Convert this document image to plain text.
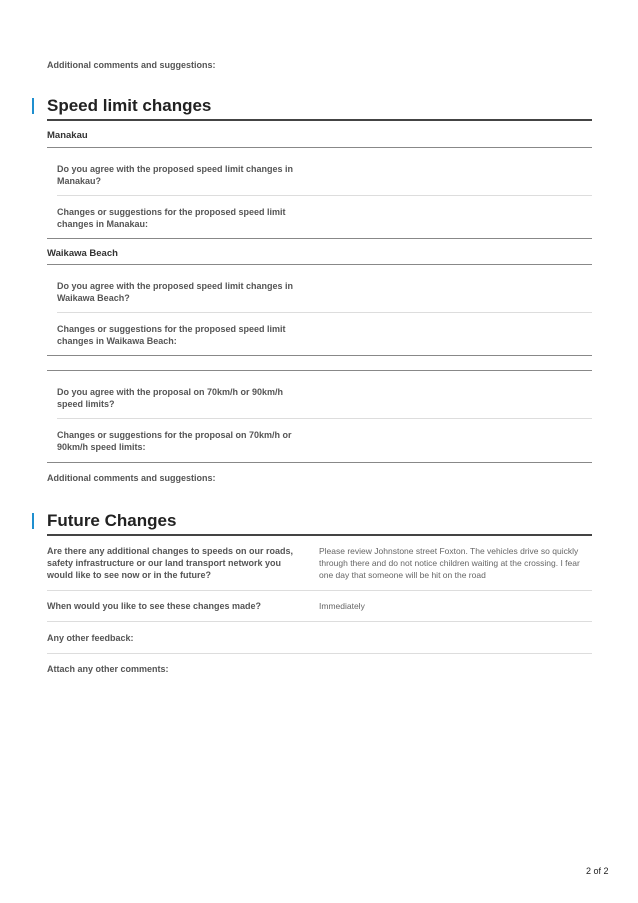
Additional comments and suggestions:
Speed limit changes
Manakau
Do you agree with the proposed speed limit changes in Manakau?
Changes or suggestions for the proposed speed limit changes in Manakau:
Waikawa Beach
Do you agree with the proposed speed limit changes in Waikawa Beach?
Changes or suggestions for the proposed speed limit changes in Waikawa Beach:
Do you agree with the proposal on 70km/h or 90km/h speed limits?
Changes or suggestions for the proposal on 70km/h or 90km/h speed limits:
Additional comments and suggestions:
Future Changes
Are there any additional changes to speeds on our roads, safety infrastructure or our land transport network you would like to see now or in the future?
Please review Johnstone street Foxton. The vehicles drive so quickly through there and do not notice children waiting at the crossing. I fear one day that someone will be hit on the road
When would you like to see these changes made?	Immediately
Any other feedback:
Attach any other comments:
2 of 2
